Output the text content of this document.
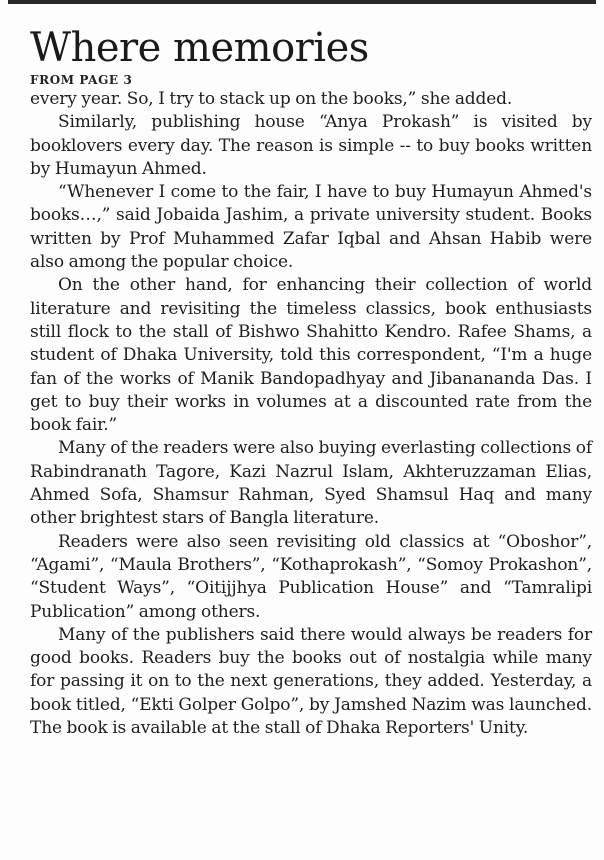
Where memories

FROM PAGE 3

every year. So, I try to stack up on the books,” she added.

Similarly, publishing house “Anya Prokash” is visited by booklovers every day. The reason is simple -- to buy books written by Humayun Ahmed.

“Whenever I come to the fair, I have to buy Humayun Ahmed's books…,” said Jobaida Jashim, a private university student. Books written by Prof Muhammed Zafar Iqbal and Ahsan Habib were also among the popular choice.

On the other hand, for enhancing their collection of world literature and revisiting the timeless classics, book enthusiasts still flock to the stall of Bishwo Shahitto Kendro. Rafee Shams, a student of Dhaka University, told this correspondent, “I'm a huge fan of the works of Manik Bandopadhyay and Jibanananda Das. I get to buy their works in volumes at a discounted rate from the book fair.”

Many of the readers were also buying everlasting collections of Rabindranath Tagore, Kazi Nazrul Islam, Akhteruzzaman Elias, Ahmed Sofa, Shamsur Rahman, Syed Shamsul Haq and many other brightest stars of Bangla literature.

Readers were also seen revisiting old classics at “Oboshor”, “Agami”, “Maula Brothers”, “Kothaprokash”, “Somoy Prokashon”, “Student Ways”, “Oitijjhya Publication House” and “Tamralipi Publication” among others.

Many of the publishers said there would always be readers for good books. Readers buy the books out of nostalgia while many for passing it on to the next generations, they added. Yesterday, a book titled, “Ekti Golper Golpo”, by Jamshed Nazim was launched. The book is available at the stall of Dhaka Reporters' Unity.
